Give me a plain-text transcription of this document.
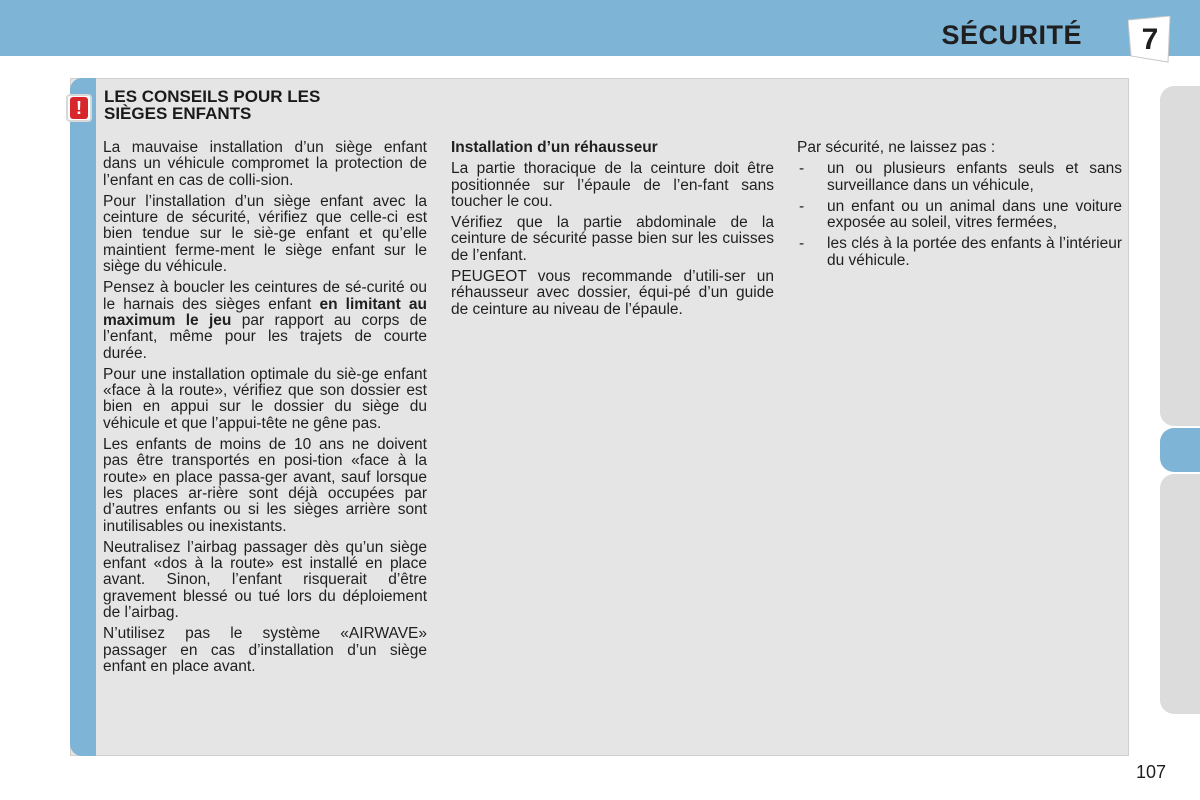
SÉCURITÉ	7
!
LES CONSEILS POUR LES
SIÈGES ENFANTS

La mauvaise installation d’un siège enfant dans un véhicule compromet la protection de l’enfant en cas de colli-sion.

Pour l’installation d’un siège enfant avec la ceinture de sécurité, vérifiez que celle-ci est bien tendue sur le siè-ge enfant et qu’elle maintient ferme-ment le siège enfant sur le siège du véhicule.

Pensez à boucler les ceintures de sé-curité ou le harnais des sièges enfant en limitant au maximum le jeu par rapport au corps de l’enfant, même pour les trajets de courte durée.

Pour une installation optimale du siè-ge enfant «face à la route», vérifiez que son dossier est bien en appui sur le dossier du siège du véhicule et que l’appui-tête ne gêne pas.

Les enfants de moins de 10 ans ne doivent pas être transportés en posi-tion «face à la route» en place passa-ger avant, sauf lorsque les places ar-rière sont déjà occupées par d’autres enfants ou si les sièges arrière sont inutilisables ou inexistants.

Neutralisez l’airbag passager dès qu’un siège enfant «dos à la route» est installé en place avant. Sinon, l’enfant risquerait d’être gravement blessé ou tué lors du déploiement de l’airbag.

N’utilisez pas le système «AIRWAVE» passager en cas d’installation d’un siège enfant en place avant.

Installation d’un réhausseur

La partie thoracique de la ceinture doit être positionnée sur l’épaule de l’en-fant sans toucher le cou.

Vérifiez que la partie abdominale de la ceinture de sécurité passe bien sur les cuisses de l’enfant.

PEUGEOT vous recommande d’utili-ser un réhausseur avec dossier, équi-pé d’un guide de ceinture au niveau de l’épaule.

Par sécurité, ne laissez pas :

- un ou plusieurs enfants seuls et sans surveillance dans un véhicule,
- un enfant ou un animal dans une voiture exposée au soleil, vitres fermées,
- les clés à la portée des enfants à l’intérieur du véhicule.
107
